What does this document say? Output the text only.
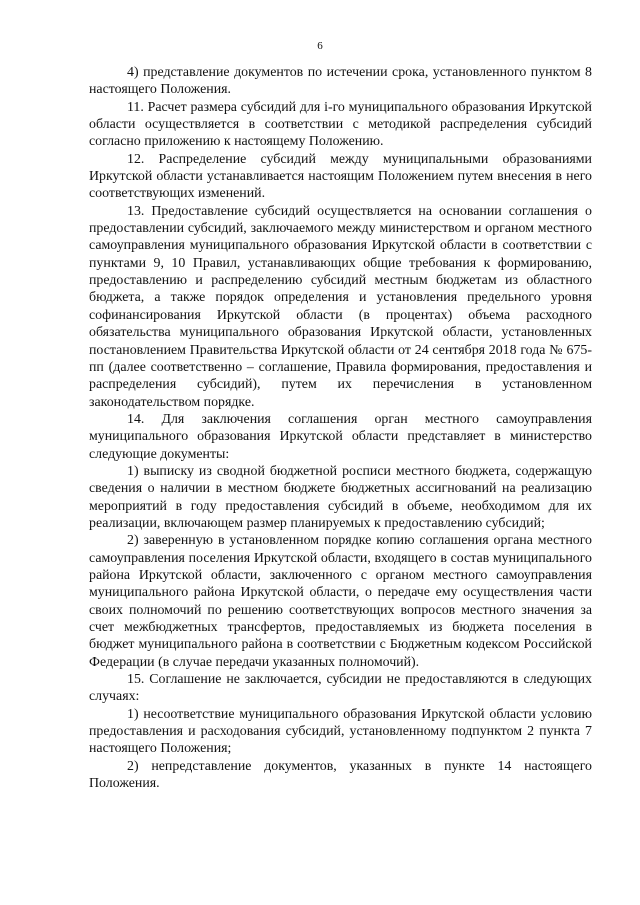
6

4) представление документов по истечении срока, установленного пунктом 8 настоящего Положения.

11. Расчет размера субсидий для i-го муниципального образования Иркутской области осуществляется в соответствии с методикой распределения субсидий согласно приложению к настоящему Положению.

12. Распределение субсидий между муниципальными образованиями Иркутской области устанавливается настоящим Положением путем внесения в него соответствующих изменений.

13. Предоставление субсидий осуществляется на основании соглашения о предоставлении субсидий, заключаемого между министерством и органом местного самоуправления муниципального образования Иркутской области в соответствии с пунктами 9, 10 Правил, устанавливающих общие требования к формированию, предоставлению и распределению субсидий местным бюджетам из областного бюджета, а также порядок определения и установления предельного уровня софинансирования Иркутской области (в процентах) объема расходного обязательства муниципального образования Иркутской области, установленных постановлением Правительства Иркутской области от 24 сентября 2018 года № 675-пп (далее соответственно – соглашение, Правила формирования, предоставления и распределения субсидий), путем их перечисления в установленном законодательством порядке.

14. Для заключения соглашения орган местного самоуправления муниципального образования Иркутской области представляет в министерство следующие документы:

1) выписку из сводной бюджетной росписи местного бюджета, содержащую сведения о наличии в местном бюджете бюджетных ассигнований на реализацию мероприятий в году предоставления субсидий в объеме, необходимом для их реализации, включающем размер планируемых к предоставлению субсидий;

2) заверенную в установленном порядке копию соглашения органа местного самоуправления поселения Иркутской области, входящего в состав муниципального района Иркутской области, заключенного с органом местного самоуправления муниципального района Иркутской области, о передаче ему осуществления части своих полномочий по решению соответствующих вопросов местного значения за счет межбюджетных трансфертов, предоставляемых из бюджета поселения в бюджет муниципального района в соответствии с Бюджетным кодексом Российской Федерации (в случае передачи указанных полномочий).

15. Соглашение не заключается, субсидии не предоставляются в следующих случаях:

1) несоответствие муниципального образования Иркутской области условию предоставления и расходования субсидий, установленному подпунктом 2 пункта 7 настоящего Положения;

2) непредставление документов, указанных в пункте 14 настоящего Положения.
